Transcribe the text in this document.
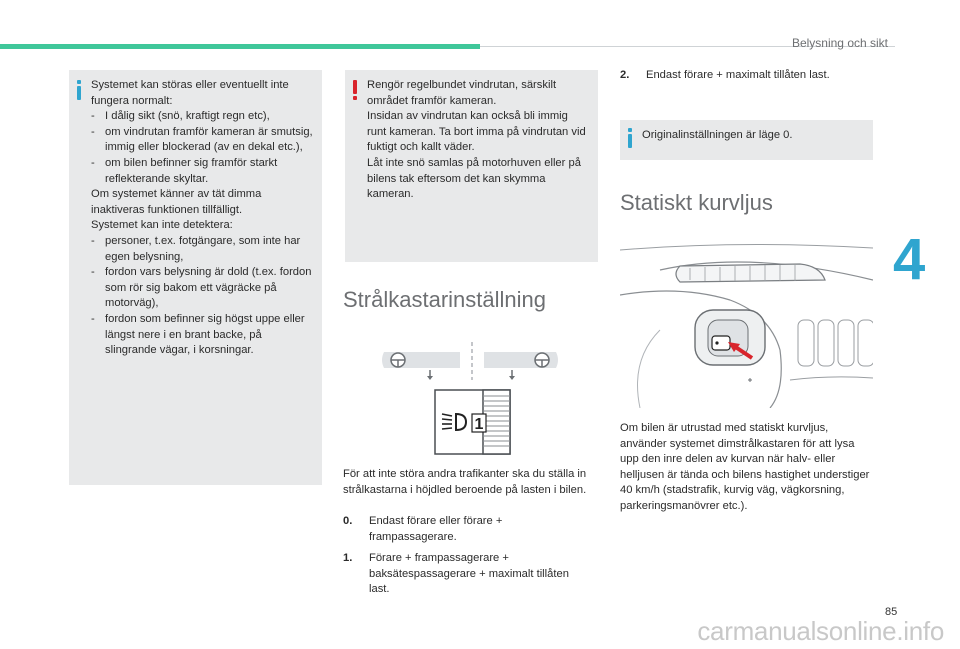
Belysning och sikt
4
85
carmanualsonline.info

Systemet kan störas eller eventuellt inte fungera normalt:

- I dålig sikt (snö, kraftigt regn etc),
- om vindrutan framför kameran är smutsig, immig eller blockerad (av en dekal etc.),
- om bilen befinner sig framför starkt reflekterande skyltar.

Om systemet känner av tät dimma inaktiveras funktionen tillfälligt.

Systemet kan inte detektera:

- personer, t.ex. fotgängare, som inte har egen belysning,
- fordon vars belysning är dold (t.ex. fordon som rör sig bakom ett vägräcke på motorväg),
- fordon som befinner sig högst uppe eller längst nere i en brant backe, på slingrande vägar, i korsningar.

Rengör regelbundet vindrutan, särskilt området framför kameran.

Insidan av vindrutan kan också bli immig runt kameran. Ta bort imma på vindrutan vid fuktigt och kallt väder.

Låt inte snö samlas på motorhuven eller på bilens tak eftersom det kan skymma kameran.

Strålkastarinställning
1

För att inte störa andra trafikanter ska du ställa in strålkastarna i höjdled beroende på lasten i bilen.

0. Endast förare eller förare + frampassagerare.
1. Förare + frampassagerare + baksätespassagerare + maximalt tillåten last.
2. Endast förare + maximalt tillåten last.

Originalinställningen är läge 0.

Statiskt kurvljus

Om bilen är utrustad med statiskt kurvljus, använder systemet dimstrålkastaren för att lysa upp den inre delen av kurvan när halv- eller helljusen är tända och bilens hastighet understiger 40 km/h (stadstrafik, kurvig väg, vägkorsning, parkeringsmanövrer etc.).
